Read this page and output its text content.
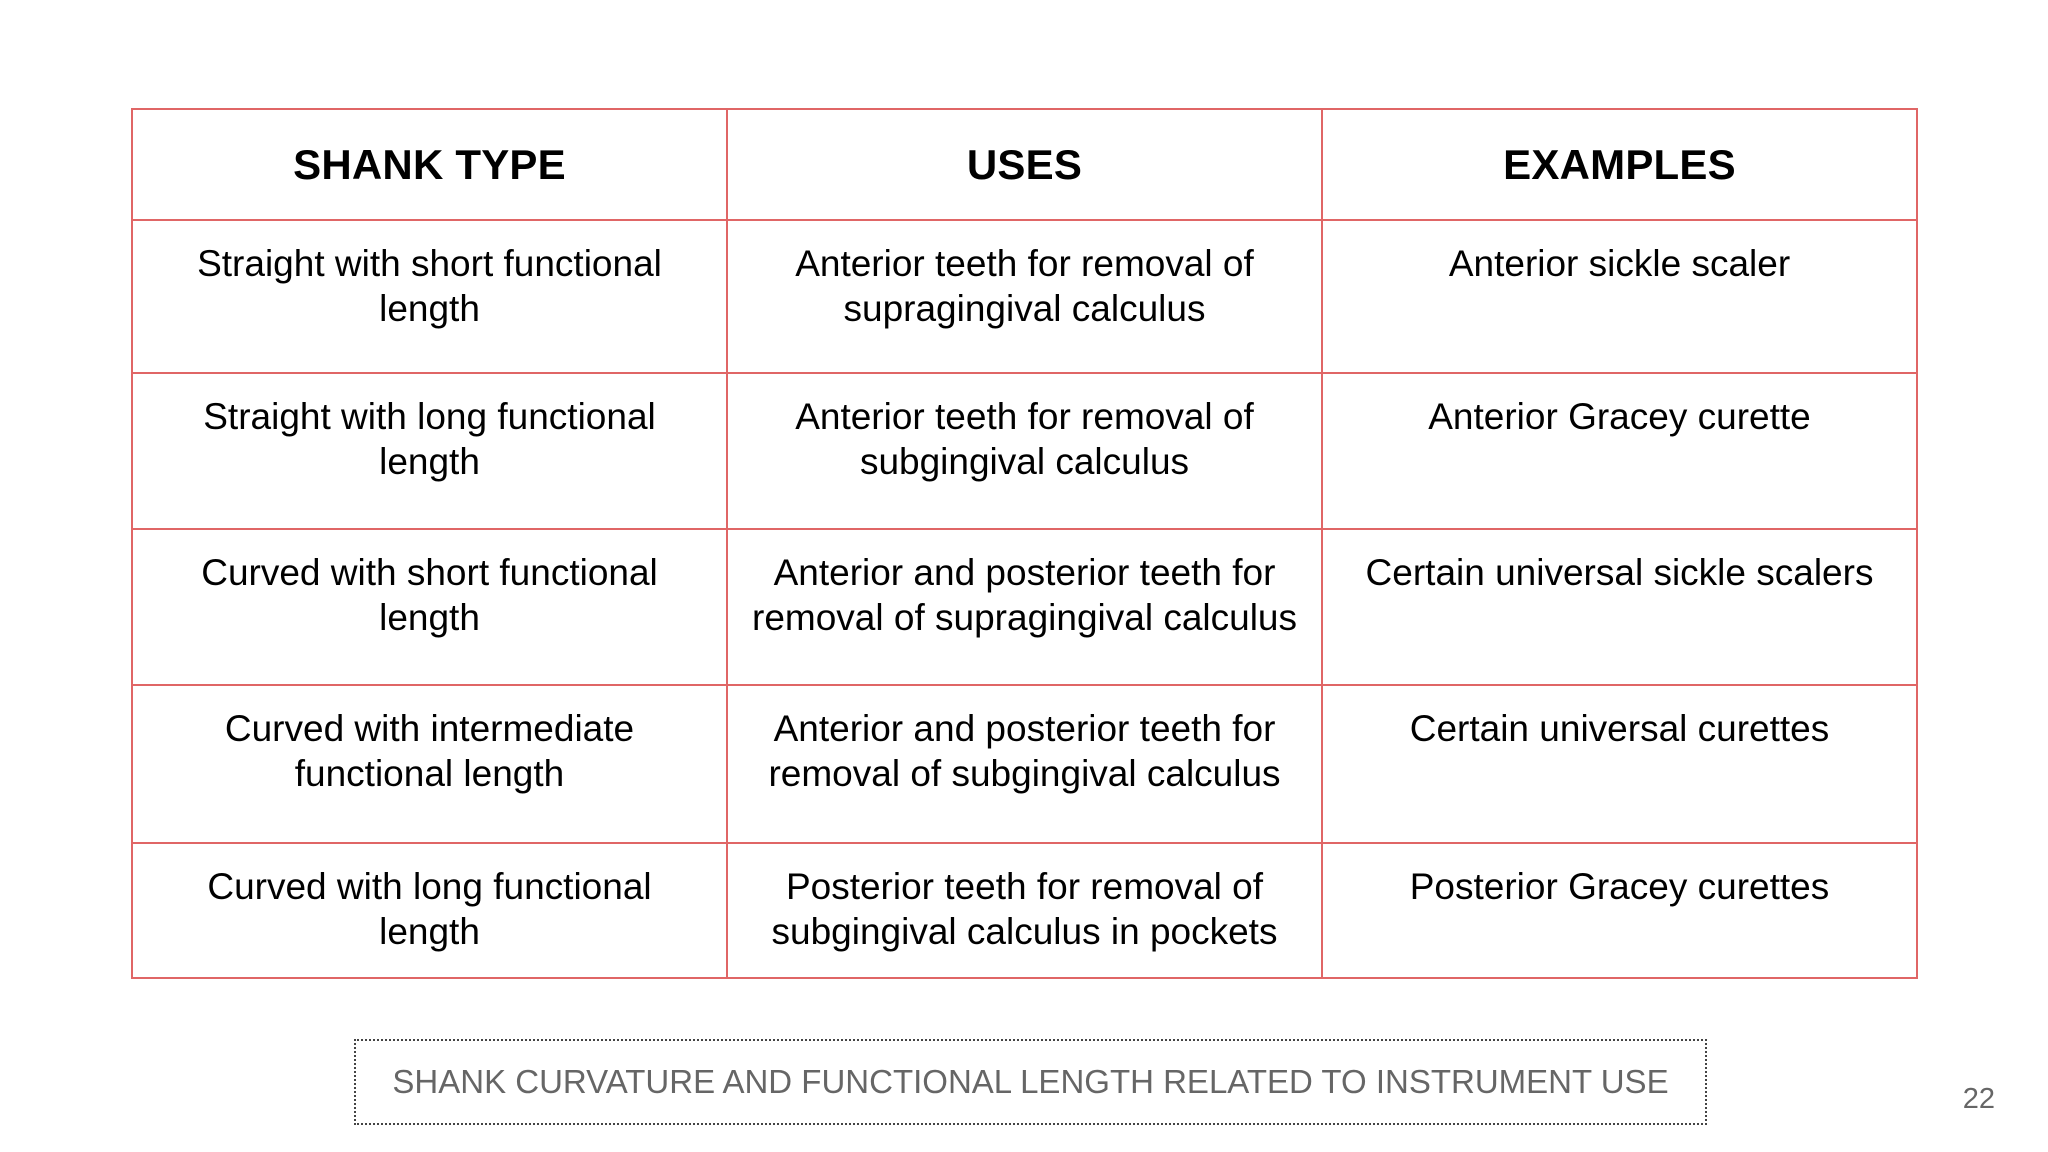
SHANK TYPE	USES	EXAMPLES
Straight with short functional length	Anterior teeth for removal of supragingival calculus	Anterior sickle scaler
Straight with long functional length	Anterior teeth for removal of subgingival calculus	Anterior Gracey curette
Curved with short functional length	Anterior and posterior teeth for removal of supragingival calculus	Certain universal sickle scalers
Curved with intermediate functional length	Anterior and posterior teeth for removal of subgingival calculus	Certain universal curettes
Curved with long functional length	Posterior teeth for removal of subgingival calculus in pockets	Posterior Gracey curettes
SHANK CURVATURE AND FUNCTIONAL LENGTH RELATED TO INSTRUMENT USE	22
